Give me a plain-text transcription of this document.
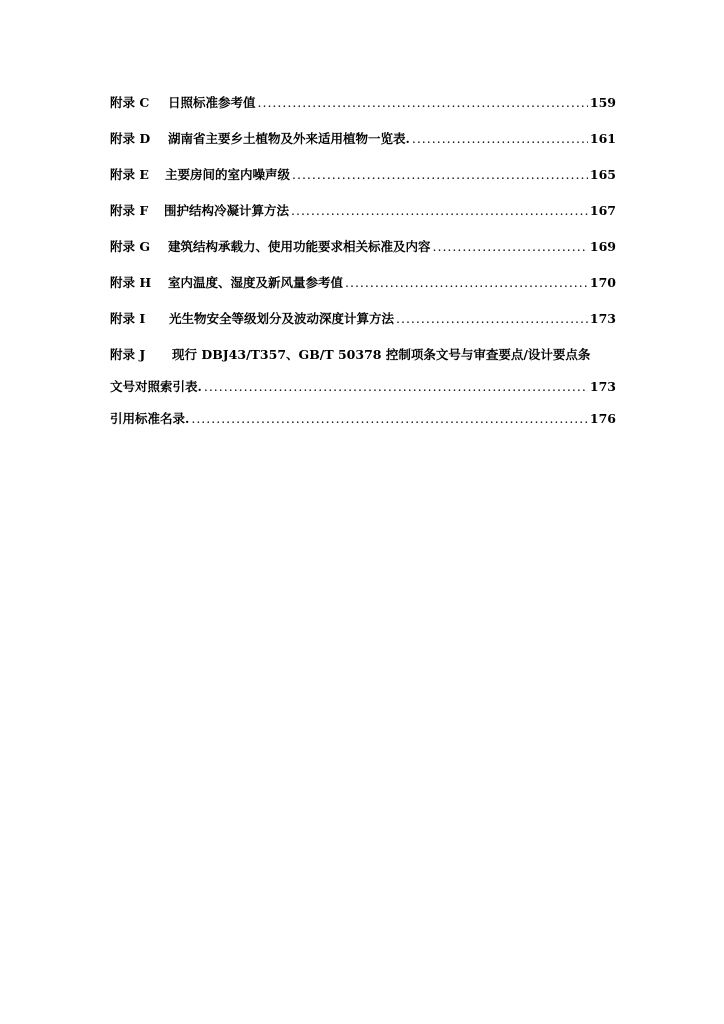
附录 C	日照标准参考值 .....	159
附录 D	湖南省主要乡土植物及外来适用植物一览表. .....	161
附录 E	主要房间的室内噪声级 .....	165
附录 F	围护结构冷凝计算方法 .....	167
附录 G	建筑结构承载力、使用功能要求相关标准及内容 .....	169
附录 H	室内温度、湿度及新风量参考值 .....	170
附录 I	光生物安全等级划分及波动深度计算方法 .....	173
附录 J	现行 DBJ43/T357、GB/T 50378 控制项条文号与审查要点/设计要点条
文号对照索引表. .....	173
引用标准名录. .....	176
